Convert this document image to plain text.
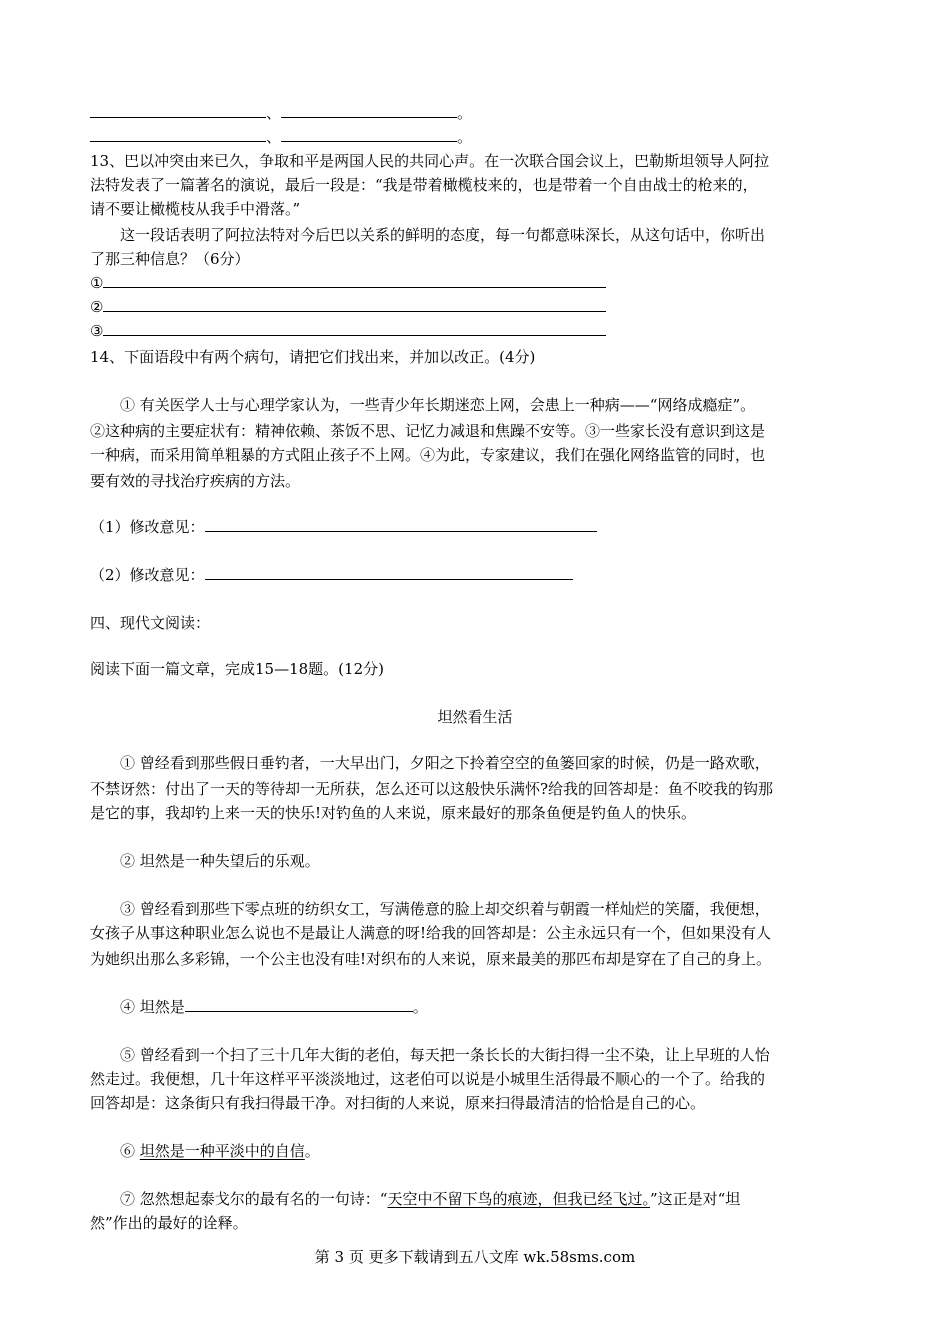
、	。
、	。
13、巴以冲突由来已久，争取和平是两国人民的共同心声。在一次联合国会议上，巴勒斯坦领导人阿拉
法特发表了一篇著名的演说，最后一段是：“我是带着橄榄枝来的，也是带着一个自由战士的枪来的，
请不要让橄榄枝从我手中滑落。”
　　这一段话表明了阿拉法特对今后巴以关系的鲜明的态度，每一句都意味深长，从这句话中，你听出
了那三种信息？（6分）
①
②
③
14、下面语段中有两个病句，请把它们找出来，并加以改正。(4分)
　　① 有关医学人士与心理学家认为，一些青少年长期迷恋上网，会患上一种病——“网络成瘾症”。
②这种病的主要症状有：精神依赖、茶饭不思、记忆力减退和焦躁不安等。③一些家长没有意识到这是
一种病，而采用简单粗暴的方式阻止孩子不上网。④为此，专家建议，我们在强化网络监管的同时，也
要有效的寻找治疗疾病的方法。
（1）修改意见：
（2）修改意见：
四、现代文阅读：
阅读下面一篇文章，完成15—18题。(12分)
坦然看生活
　　① 曾经看到那些假日垂钓者，一大早出门，夕阳之下拎着空空的鱼篓回家的时候，仍是一路欢歌，
不禁讶然：付出了一天的等待却一无所获，怎么还可以这般快乐满怀?给我的回答却是：鱼不咬我的钩那
是它的事，我却钓上来一天的快乐!对钓鱼的人来说，原来最好的那条鱼便是钓鱼人的快乐。
　　② 坦然是一种失望后的乐观。
　　③ 曾经看到那些下零点班的纺织女工，写满倦意的脸上却交织着与朝霞一样灿烂的笑靥，我便想，
女孩子从事这种职业怎么说也不是最让人满意的呀!给我的回答却是：公主永远只有一个，但如果没有人
为她织出那么多彩锦，一个公主也没有哇!对织布的人来说，原来最美的那匹布却是穿在了自己的身上。
　　④ 坦然是	。
　　⑤ 曾经看到一个扫了三十几年大街的老伯，每天把一条长长的大街扫得一尘不染，让上早班的人怡
然走过。我便想，几十年这样平平淡淡地过，这老伯可以说是小城里生活得最不顺心的一个了。给我的
回答却是：这条街只有我扫得最干净。对扫街的人来说，原来扫得最清洁的恰恰是自己的心。
　　⑥ 坦然是一种平淡中的自信。
　　⑦ 忽然想起泰戈尔的最有名的一句诗：“天空中不留下鸟的痕迹，但我已经飞过。”这正是对“坦
然”作出的最好的诠释。
第 3 页 更多下载请到五八文库 wk.58sms.com
